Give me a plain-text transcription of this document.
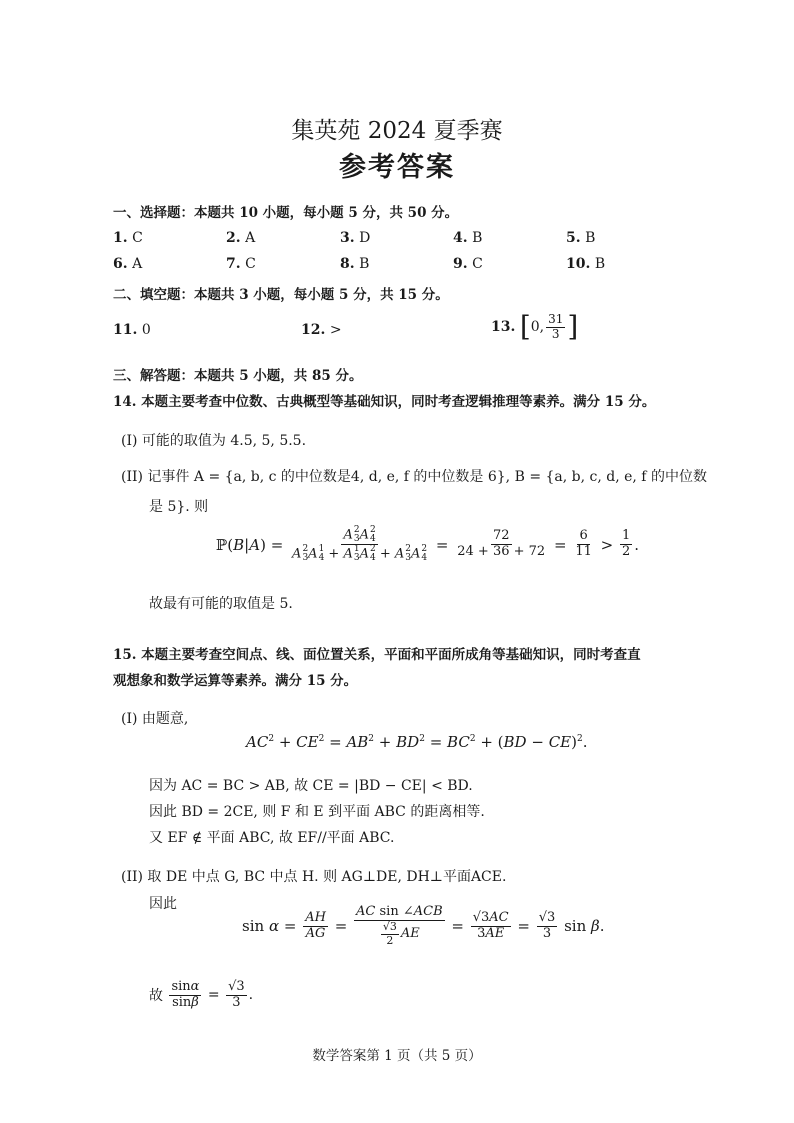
集英苑 2024 夏季赛
参考答案
一、选择题：本题共 10 小题，每小题 5 分，共 50 分。
1. C	2. A	3. D	4. B	5. B
6. A	7. C	8. B	9. C	10. B
二、填空题：本题共 3 小题，每小题 5 分，共 15 分。
11. 0	12. >	13.
[ 0, $\frac{31}{3}$ ]
三、解答题：本题共 5 小题，共 85 分。
14. 本题主要考查中位数、古典概型等基础知识，同时考查逻辑推理等素养。满分 15 分。
(I) 可能的取值为 4.5, 5, 5.5.
(II) 记事件 A = {a, b, c 的中位数是4, d, e, f 的中位数是 6}, B = {a, b, c, d, e, f 的中位数
是 5}. 则
ℙ(B|A) = A 2
3 A 2
4
A 2
3 A 1
4 + A 1
3 A 2
4 + A 2
3 A 2
$4 = \frac{72}{24 + 36 + 72} = \frac{6}{11} > \frac{1}{2}$ .
故最有可能的取值是 5.
15. 本题主要考查空间点、线、面位置关系，平面和平面所成角等基础知识，同时考查直
观想象和数学运算等素养。满分 15 分。
(I) 由题意,
$AC^2 + CE^2 = AB^2 + BD^2 = BC^2 + (BD - CE)^2$.
因为 AC = BC > AB, 故 CE = |BD − CE| < BD.
因此 BD = 2CE, 则 F 和 E 到平面 ABC 的距离相等.
又 EF ∉ 平面 ABC, 故 EF//平面 ABC.
(II) 取 DE 中点 G, BC 中点 H. 则 AG⊥DE, DH⊥平面ACE.
因此
$\sin \alpha = \frac{AH}{AG} = \frac{\text{AC sin ∠ACB}}{\frac{√3}{2} AE} = \frac{√3AC}{3AE} = \frac{√3}{3}$ sin β.
故
$\frac{\sin\alpha}{\sin\beta} = \frac{√3}{3}$ .
数学答案第 1 页（共 5 页）
